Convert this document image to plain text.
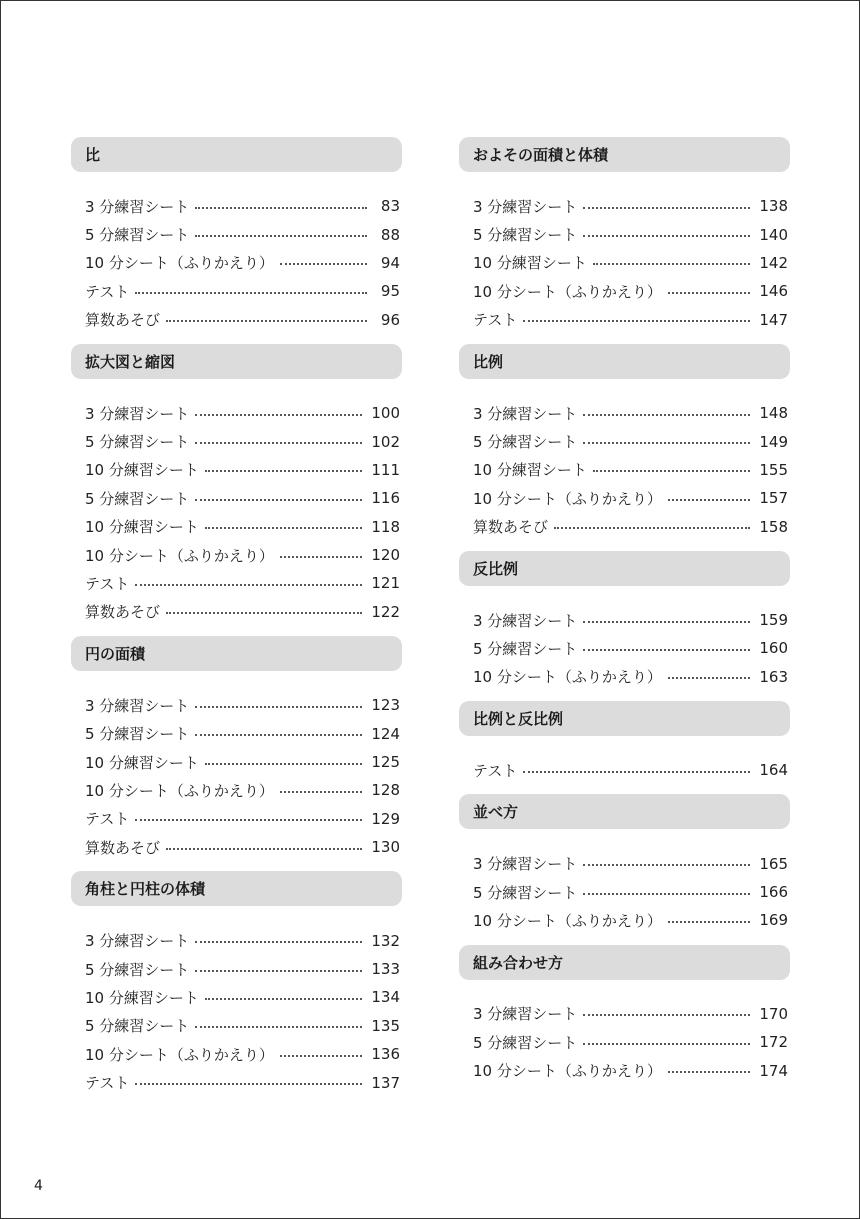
比
3 分練習シート	83
5 分練習シート	88
10 分シート（ふりかえり）	94
テスト	95
算数あそび	96
拡大図と縮図
3 分練習シート	100
5 分練習シート	102
10 分練習シート	111
5 分練習シート	116
10 分練習シート	118
10 分シート（ふりかえり）	120
テスト	121
算数あそび	122
円の面積
3 分練習シート	123
5 分練習シート	124
10 分練習シート	125
10 分シート（ふりかえり）	128
テスト	129
算数あそび	130
角柱と円柱の体積
3 分練習シート	132
5 分練習シート	133
10 分練習シート	134
5 分練習シート	135
10 分シート（ふりかえり）	136
テスト	137
およその面積と体積
3 分練習シート	138
5 分練習シート	140
10 分練習シート	142
10 分シート（ふりかえり）	146
テスト	147
比例
3 分練習シート	148
5 分練習シート	149
10 分練習シート	155
10 分シート（ふりかえり）	157
算数あそび	158
反比例
3 分練習シート	159
5 分練習シート	160
10 分シート（ふりかえり）	163
比例と反比例
テスト	164
並べ方
3 分練習シート	165
5 分練習シート	166
10 分シート（ふりかえり）	169
組み合わせ方
3 分練習シート	170
5 分練習シート	172
10 分シート（ふりかえり）	174
4
